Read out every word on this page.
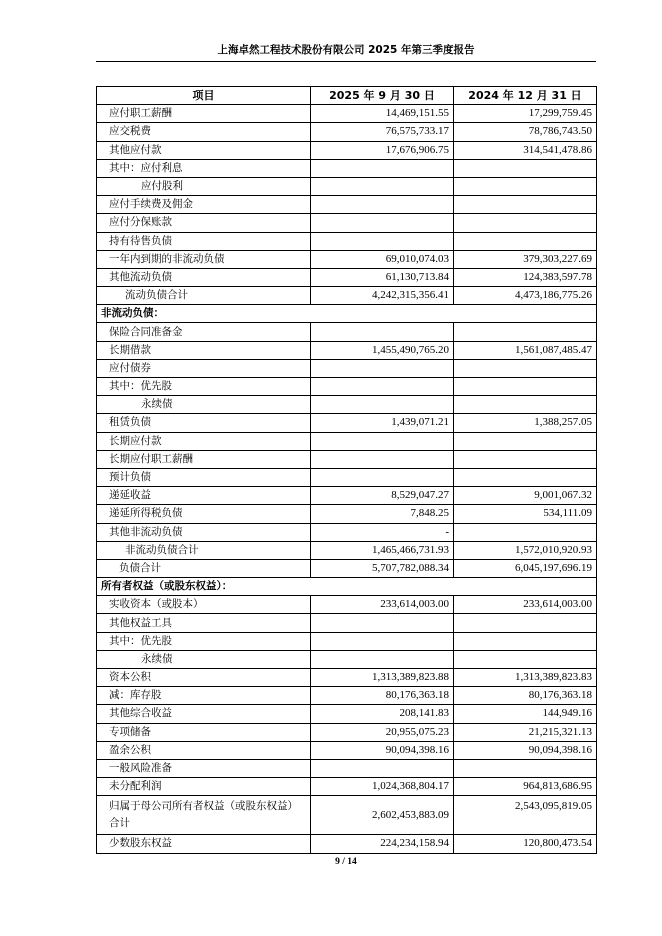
上海卓然工程技术股份有限公司 2025 年第三季度报告
项目	2025 年 9 月 30 日	2024 年 12 月 31 日
应付职工薪酬	14,469,151.55	17,299,759.45
应交税费	76,575,733.17	78,786,743.50
其他应付款	17,676,906.75	314,541,478.86
其中：应付利息		
应付股利		
应付手续费及佣金		
应付分保账款		
持有待售负债		
一年内到期的非流动负债	69,010,074.03	379,303,227.69
其他流动负债	61,130,713.84	124,383,597.78
流动负债合计	4,242,315,356.41	4,473,186,775.26
非流动负债：		
保险合同准备金		
长期借款	1,455,490,765.20	1,561,087,485.47
应付债券		
其中：优先股		
永续债		
租赁负债	1,439,071.21	1,388,257.05
长期应付款		
长期应付职工薪酬		
预计负债		
递延收益	8,529,047.27	9,001,067.32
递延所得税负债	7,848.25	534,111.09
其他非流动负债	-	
非流动负债合计	1,465,466,731.93	1,572,010,920.93
负债合计	5,707,782,088.34	6,045,197,696.19
所有者权益（或股东权益）：		
实收资本（或股本）	233,614,003.00	233,614,003.00
其他权益工具		
其中：优先股		
永续债		
资本公积	1,313,389,823.88	1,313,389,823.83
减：库存股	80,176,363.18	80,176,363.18
其他综合收益	208,141.83	144,949.16
专项储备	20,955,075.23	21,215,321.13
盈余公积	90,094,398.16	90,094,398.16
一般风险准备		
未分配利润	1,024,368,804.17	964,813,686.95
归属于母公司所有者权益（或股东权益）合计	2,602,453,883.09	2,543,095,819.05
少数股东权益	224,234,158.94	120,800,473.54
9 / 14
